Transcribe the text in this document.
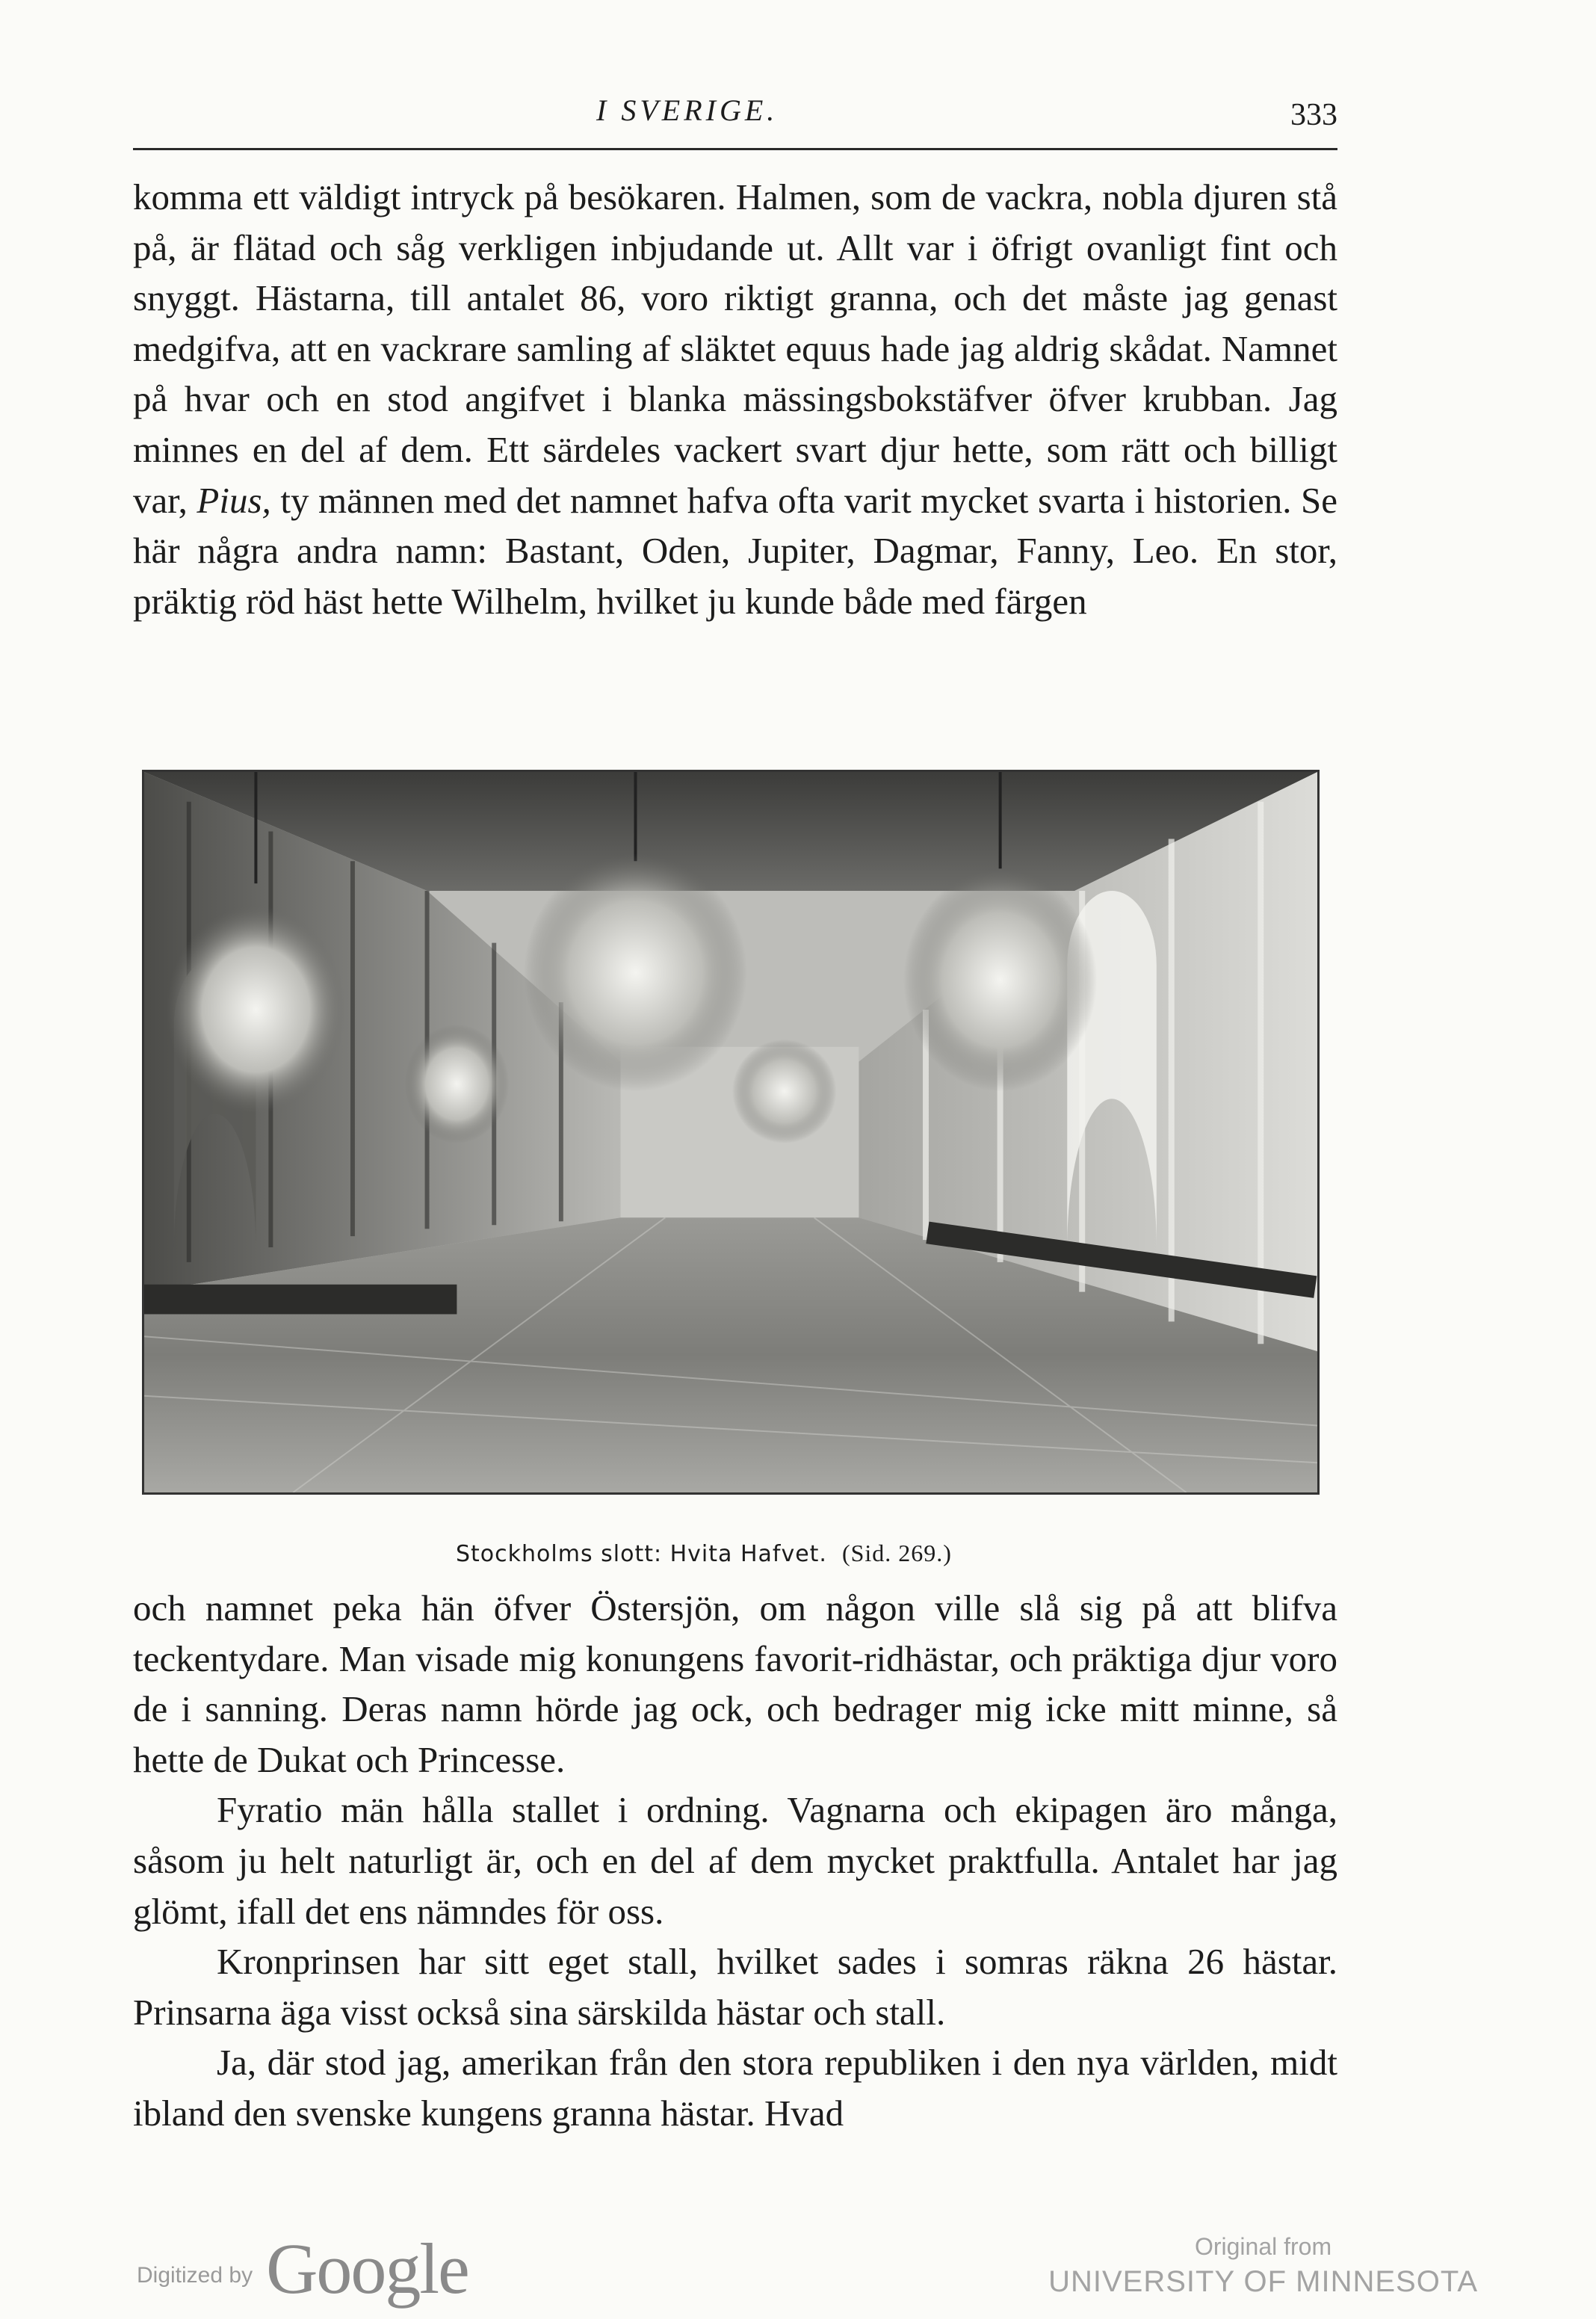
I SVERIGE.	333

komma ett väldigt intryck på besökaren. Halmen, som de vackra, nobla djuren stå på, är flätad och såg verkligen inbjudande ut. Allt var i öfrigt ovanligt fint och snyggt. Hästarna, till antalet 86, voro riktigt granna, och det måste jag genast medgifva, att en vackrare samling af släktet equus hade jag aldrig skådat. Namnet på hvar och en stod angifvet i blanka mässingsbokstäfver öfver krubban. Jag minnes en del af dem. Ett särdeles vackert svart djur hette, som rätt och billigt var, Pius, ty männen med det namnet hafva ofta varit mycket svarta i historien. Se här några andra namn: Bastant, Oden, Jupiter, Dagmar, Fanny, Leo. En stor, präktig röd häst hette Wilhelm, hvilket ju kunde både med färgen

Stockholms slott: Hvita Hafvet. (Sid. 269.)

och namnet peka hän öfver Östersjön, om någon ville slå sig på att blifva teckentydare. Man visade mig konungens favorit-ridhästar, och präktiga djur voro de i sanning. Deras namn hörde jag ock, och bedrager mig icke mitt minne, så hette de Dukat och Princesse.

Fyratio män hålla stallet i ordning. Vagnarna och ekipagen äro många, såsom ju helt naturligt är, och en del af dem mycket praktfulla. Antalet har jag glömt, ifall det ens nämndes för oss.

Kronprinsen har sitt eget stall, hvilket sades i somras räkna 26 hästar. Prinsarna äga visst också sina särskilda hästar och stall.

Ja, där stod jag, amerikan från den stora republiken i den nya världen, midt ibland den svenske kungens granna hästar. Hvad

Digitized by Google	Original from
UNIVERSITY OF MINNESOTA
